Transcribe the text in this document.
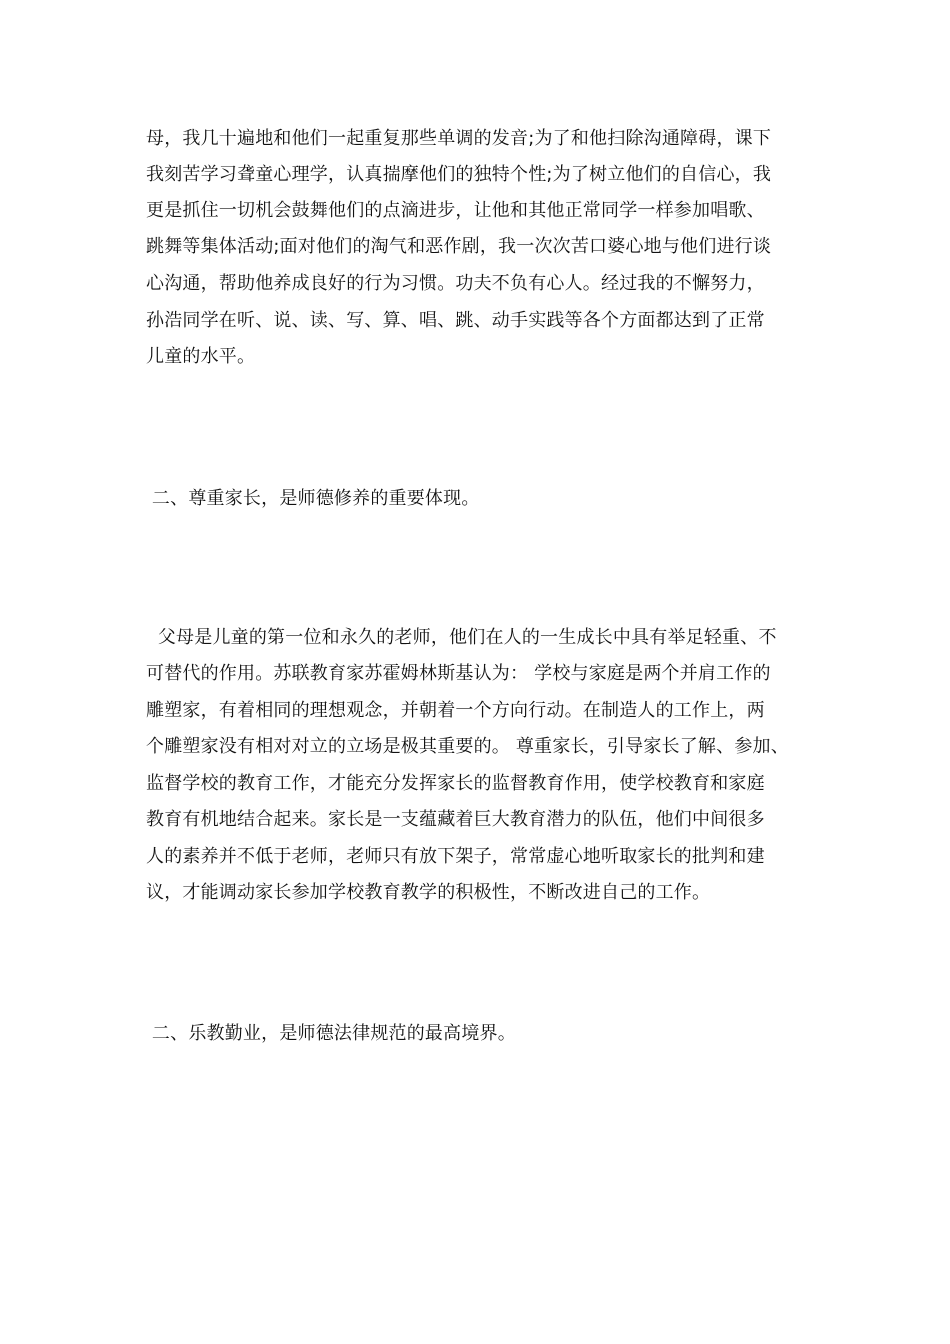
母，我几十遍地和他们一起重复那些单调的发音;为了和他扫除沟通障碍，课下
我刻苦学习聋童心理学，认真揣摩他们的独特个性;为了树立他们的自信心，我
更是抓住一切机会鼓舞他们的点滴进步，让他和其他正常同学一样参加唱歌、
跳舞等集体活动;面对他们的淘气和恶作剧，我一次次苦口婆心地与他们进行谈
心沟通，帮助他养成良好的行为习惯。功夫不负有心人。经过我的不懈努力，
孙浩同学在听、说、读、写、算、唱、跳、动手实践等各个方面都达到了正常
儿童的水平。
二、尊重家长，是师德修养的重要体现。
父母是儿童的第一位和永久的老师，他们在人的一生成长中具有举足轻重、不
可替代的作用。苏联教育家苏霍姆林斯基认为： 学校与家庭是两个并肩工作的
雕塑家，有着相同的理想观念，并朝着一个方向行动。在制造人的工作上，两
个雕塑家没有相对对立的立场是极其重要的。 尊重家长，引导家长了解、参加、
监督学校的教育工作，才能充分发挥家长的监督教育作用，使学校教育和家庭
教育有机地结合起来。家长是一支蕴藏着巨大教育潜力的队伍，他们中间很多
人的素养并不低于老师，老师只有放下架子，常常虚心地听取家长的批判和建
议，才能调动家长参加学校教育教学的积极性，不断改进自己的工作。
二、乐教勤业，是师德法律规范的最高境界。
